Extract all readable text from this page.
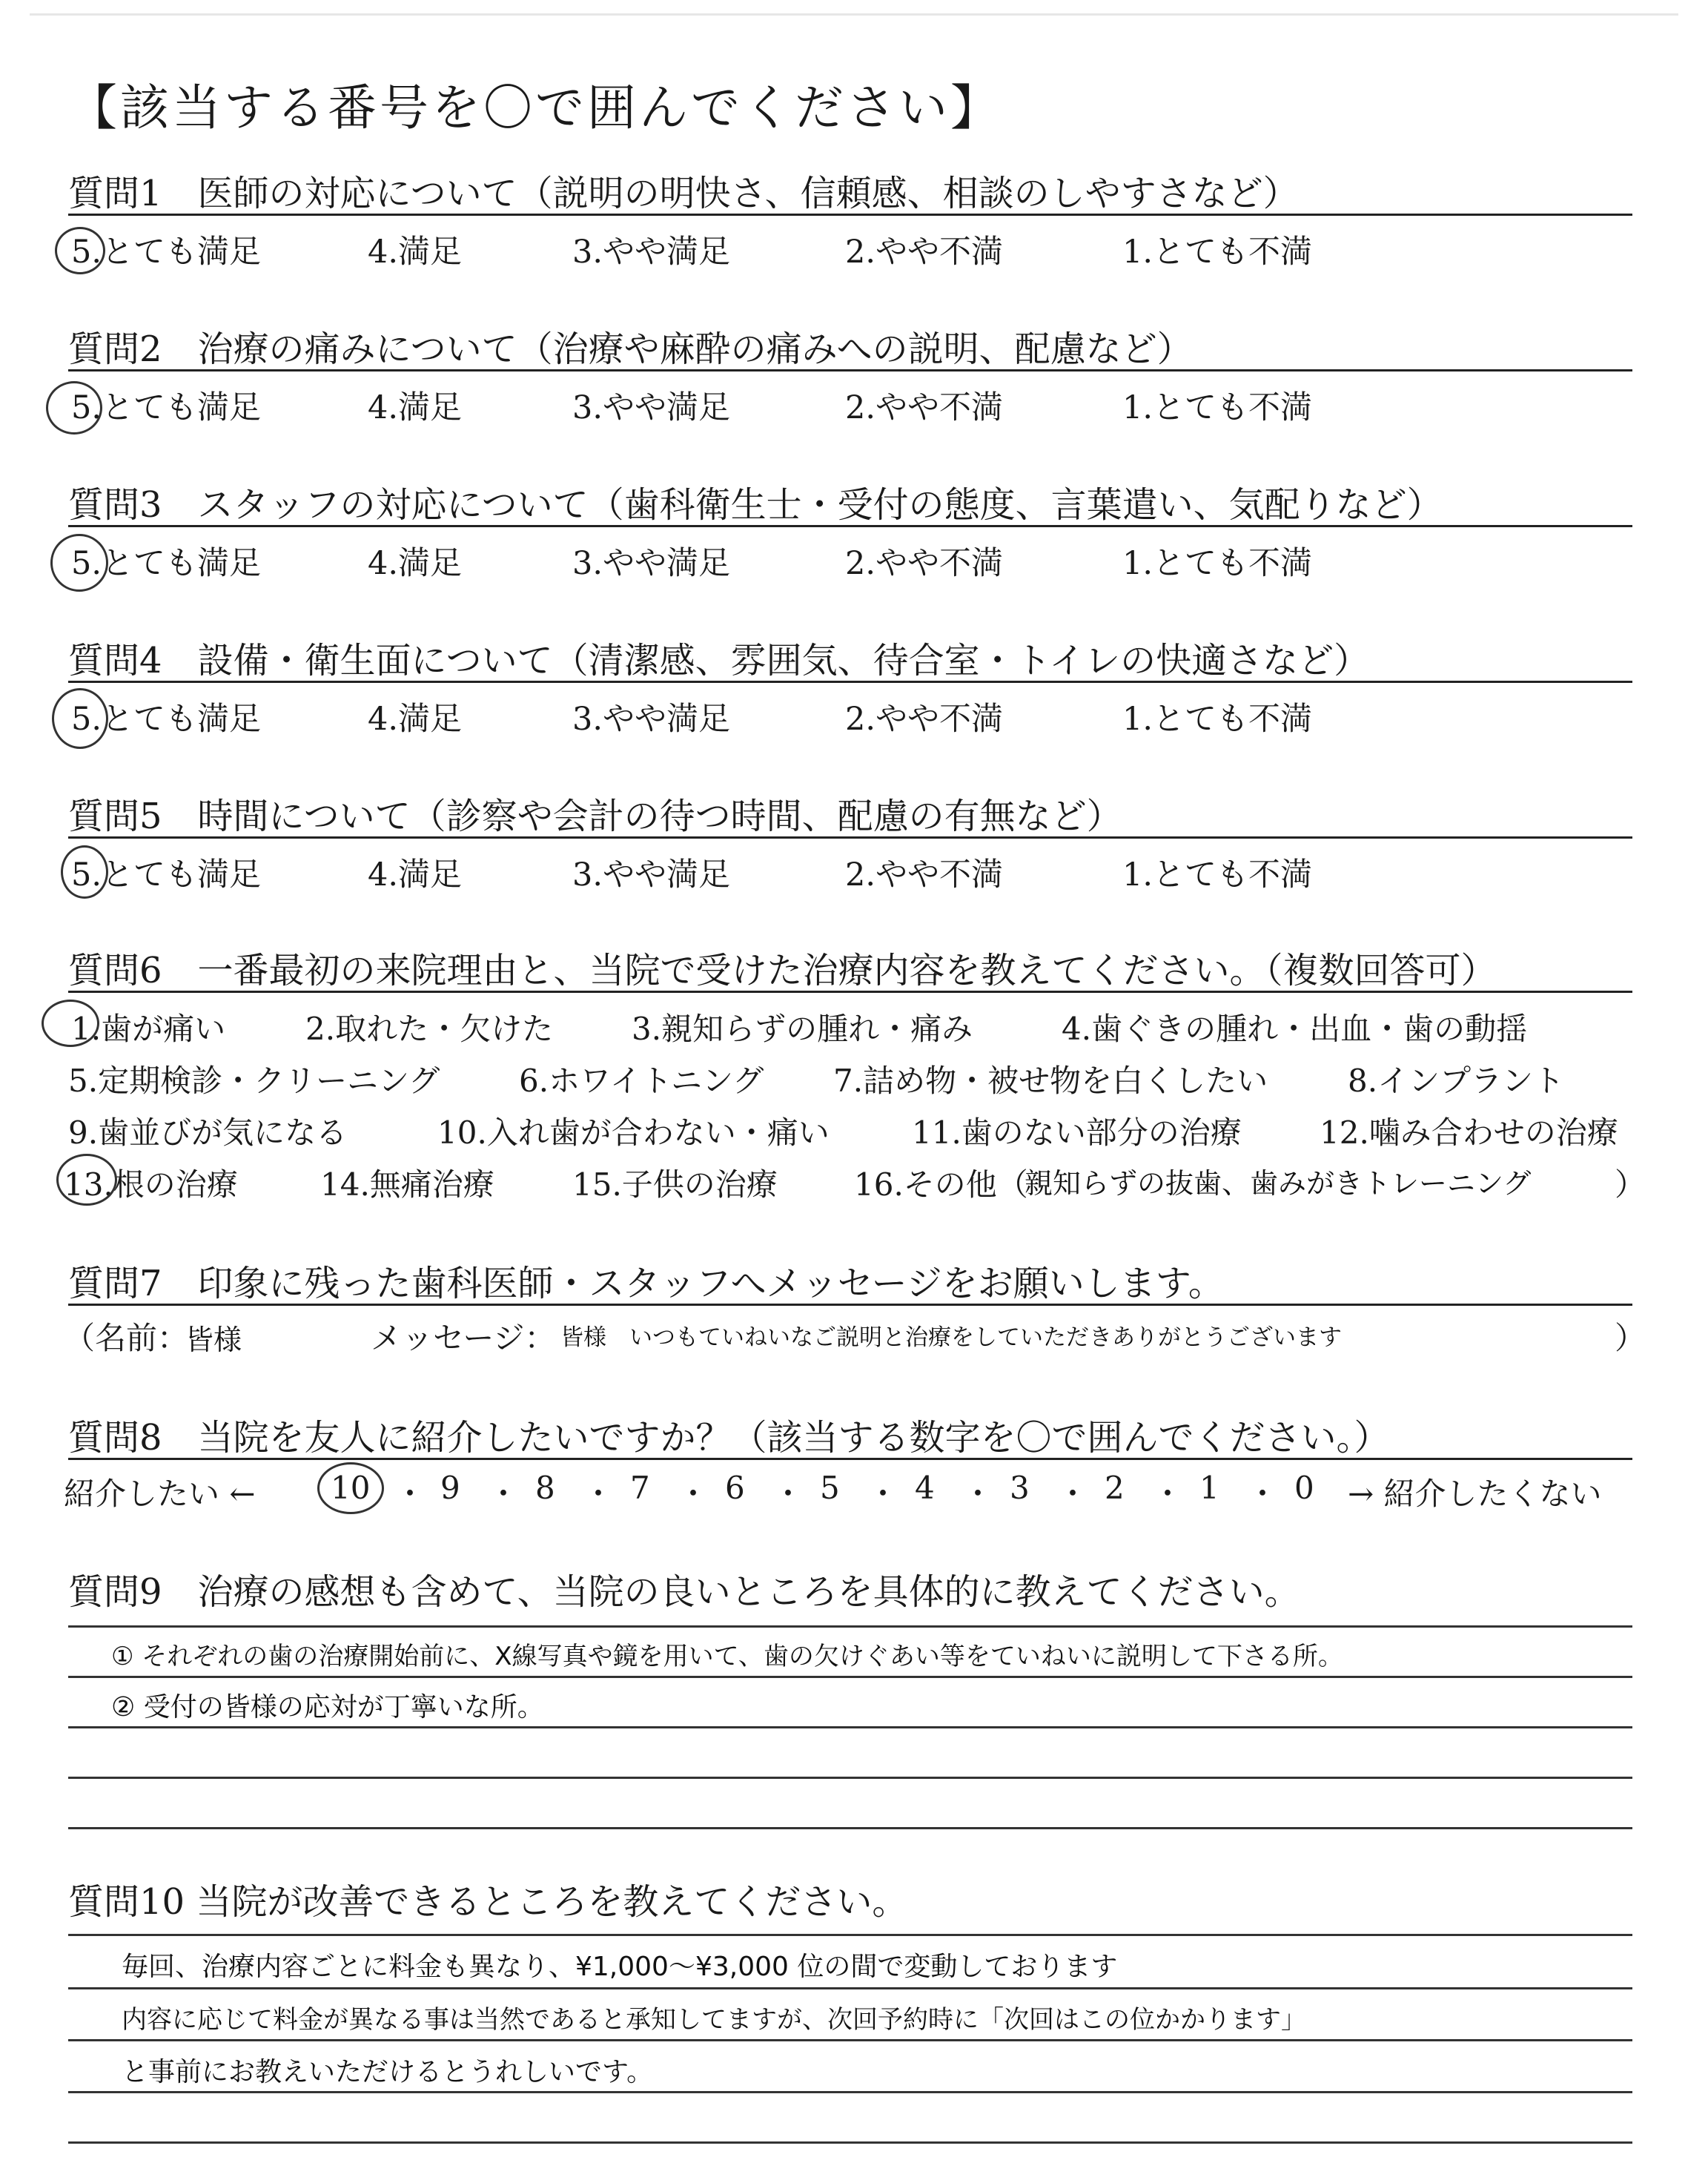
【該当する番号を〇で囲んでください】
質問1　医師の対応について（説明の明快さ、信頼感、相談のしやすさなど）
5.とても満足	4.満足	3.やや満足	2.やや不満	1.とても不満
質問2　治療の痛みについて（治療や麻酔の痛みへの説明、配慮など）
5.とても満足	4.満足	3.やや満足	2.やや不満	1.とても不満
質問3　スタッフの対応について（歯科衛生士・受付の態度、言葉遣い、気配りなど）
5.とても満足	4.満足	3.やや満足	2.やや不満	1.とても不満
質問4　設備・衛生面について（清潔感、雰囲気、待合室・トイレの快適さなど）
5.とても満足	4.満足	3.やや満足	2.やや不満	1.とても不満
質問5　時間について（診察や会計の待つ時間、配慮の有無など）
5.とても満足	4.満足	3.やや満足	2.やや不満	1.とても不満
質問6　一番最初の来院理由と、当院で受けた治療内容を教えてください。（複数回答可）
1.歯が痛い	2.取れた・欠けた	3.親知らずの腫れ・痛み	4.歯ぐきの腫れ・出血・歯の動揺
5.定期検診・クリーニング	6.ホワイトニング 7.詰め物・被せ物を白くしたい	8.インプラント
9.歯並びが気になる	10.入れ歯が合わない・痛い	11.歯のない部分の治療	12.噛み合わせの治療
13.根の治療	14.無痛治療	15.子供の治療 16.その他（
親知らずの抜歯、歯みがきトレーニング	）
質問7　印象に残った歯科医師・スタッフへメッセージをお願いします。
（名前：
皆様	メッセージ： 皆様　いつもていねいなご説明と治療をしていただきありがとうございます	）
質問8　当院を友人に紹介したいですか？（該当する数字を〇で囲んでください。）
紹介したい ← 10 ・ 9 ・ 8 ・ 7 ・ 6 ・ 5 ・ 4 ・ 3 ・ 2 ・ 1 ・ 0 → 紹介したくない
質問9　治療の感想も含めて、当院の良いところを具体的に教えてください。
① それぞれの歯の治療開始前に、X線写真や鏡を用いて、歯の欠けぐあい等をていねいに説明して下さる所。
② 受付の皆様の応対が丁寧いな所。
質問10 当院が改善できるところを教えてください。
毎回、治療内容ごとに料金も異なり、¥1,000～¥3,000 位の間で変動しております
内容に応じて料金が異なる事は当然であると承知してますが、次回予約時に「次回はこの位かかります」
と事前にお教えいただけるとうれしいです。
